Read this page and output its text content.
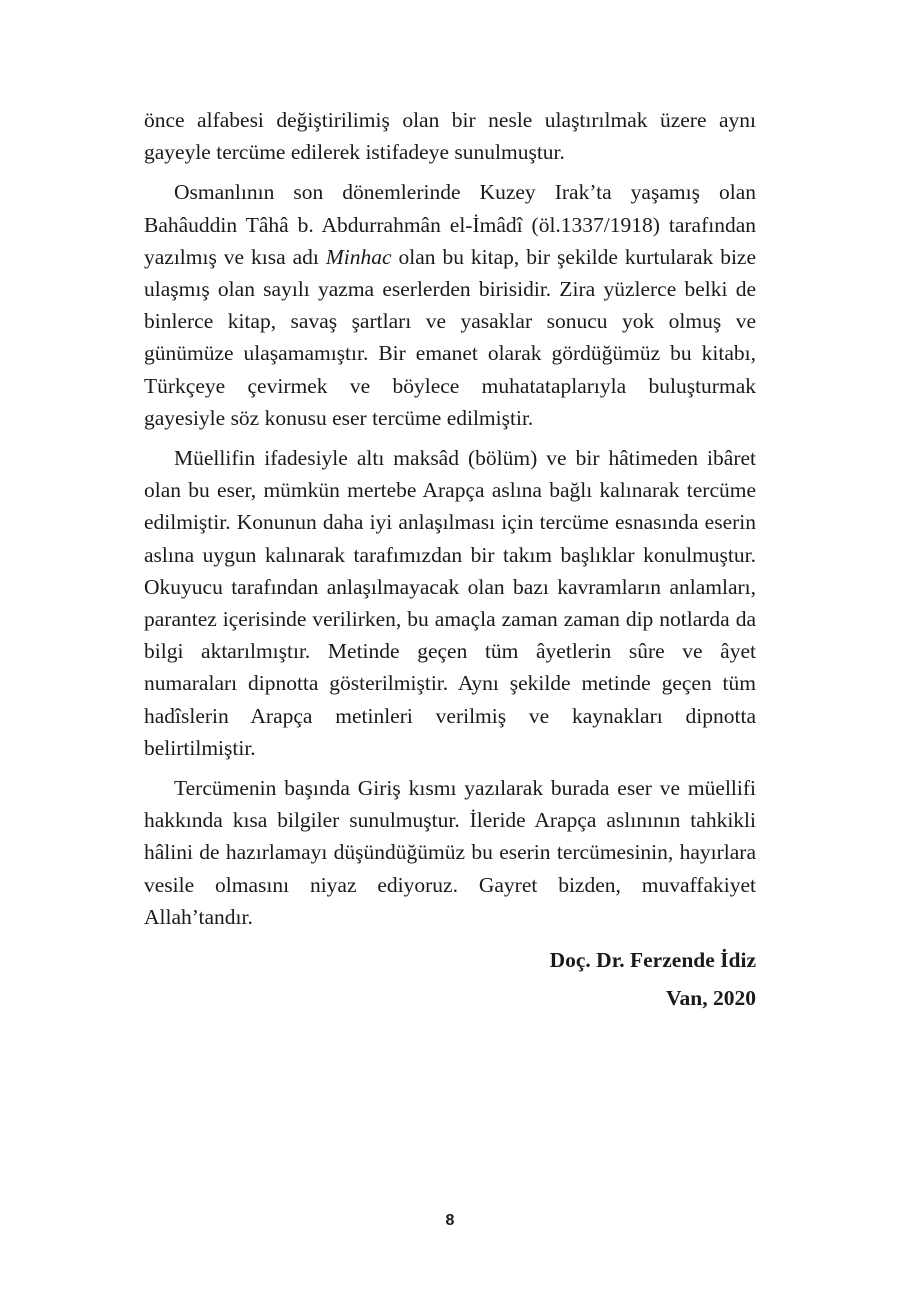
önce alfabesi değiştirilimiş olan bir nesle ulaştırılmak üzere aynı gayeyle tercüme edilerek istifadeye sunulmuştur.

Osmanlının son dönemlerinde Kuzey Irak’ta yaşamış olan Bahâuddin Tâhâ b. Abdurrahmân el-İmâdî (öl.1337/1918) tarafından yazılmış ve kısa adı Minhac olan bu kitap, bir şekilde kurtularak bize ulaşmış olan sayılı yazma eserlerden birisidir. Zira yüzlerce belki de binlerce kitap, savaş şartları ve yasaklar sonucu yok olmuş ve günümüze ulaşamamıştır. Bir emanet olarak gördüğümüz bu kitabı, Türkçeye çevirmek ve böylece muhatataplarıyla buluşturmak gayesiyle söz konusu eser tercüme edilmiştir.

Müellifin ifadesiyle altı maksâd (bölüm) ve bir hâtimeden ibâret olan bu eser, mümkün mertebe Arapça aslına bağlı kalınarak tercüme edilmiştir. Konunun daha iyi anlaşılması için tercüme esnasında eserin aslına uygun kalınarak tarafımızdan bir takım başlıklar konulmuştur. Okuyucu tarafından anlaşılmayacak olan bazı kavramların anlamları, parantez içerisinde verilirken, bu amaçla zaman zaman dip notlarda da bilgi aktarılmıştır. Metinde geçen tüm âyetlerin sûre ve âyet numaraları dipnotta gösterilmiştir. Aynı şekilde metinde geçen tüm hadîslerin Arapça metinleri verilmiş ve kaynakları dipnotta belirtilmiştir.

Tercümenin başında Giriş kısmı yazılarak burada eser ve müellifi hakkında kısa bilgiler sunulmuştur. İleride Arapça aslınının tahkikli hâlini de hazırlamayı düşündüğümüz bu eserin tercümesinin, hayırlara vesile olmasını niyaz ediyoruz. Gayret bizden, muvaffakiyet Allah’tandır.

Doç. Dr. Ferzende İdiz
Van, 2020
8
